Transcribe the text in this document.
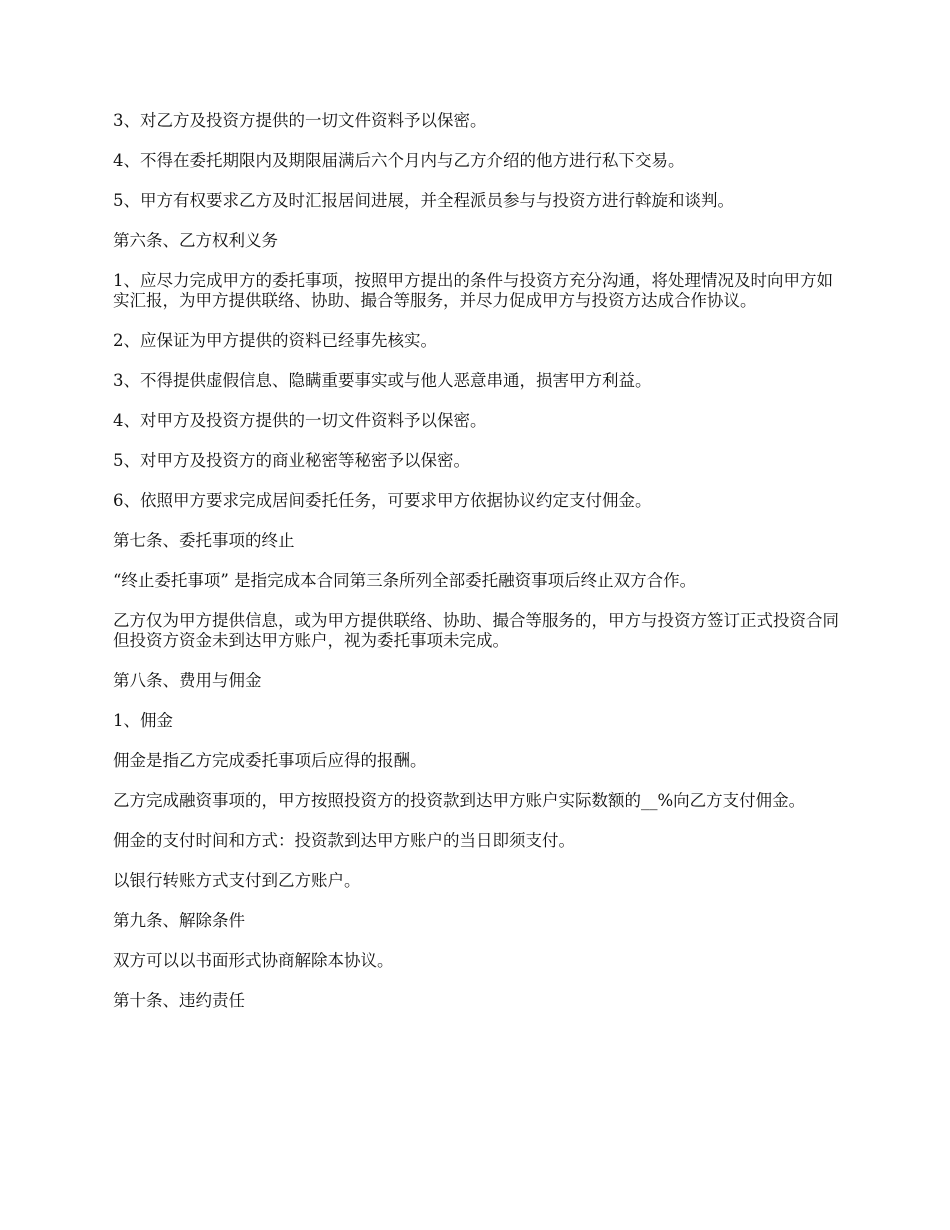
3、对乙方及投资方提供的一切文件资料予以保密。

4、不得在委托期限内及期限届满后六个月内与乙方介绍的他方进行私下交易。

5、甲方有权要求乙方及时汇报居间进展，并全程派员参与与投资方进行斡旋和谈判。

第六条、乙方权利义务

1、应尽力完成甲方的委托事项，按照甲方提出的条件与投资方充分沟通，将处理情况及时向甲方如实汇报，为甲方提供联络、协助、撮合等服务，并尽力促成甲方与投资方达成合作协议。

2、应保证为甲方提供的资料已经事先核实。

3、不得提供虚假信息、隐瞒重要事实或与他人恶意串通，损害甲方利益。

4、对甲方及投资方提供的一切文件资料予以保密。

5、对甲方及投资方的商业秘密等秘密予以保密。

6、依照甲方要求完成居间委托任务，可要求甲方依据协议约定支付佣金。

第七条、委托事项的终止

“终止委托事项” 是指完成本合同第三条所列全部委托融资事项后终止双方合作。

乙方仅为甲方提供信息，或为甲方提供联络、协助、撮合等服务的，甲方与投资方签订正式投资合同但投资方资金未到达甲方账户，视为委托事项未完成。

第八条、费用与佣金

1、佣金

佣金是指乙方完成委托事项后应得的报酬。

乙方完成融资事项的，甲方按照投资方的投资款到达甲方账户实际数额的__%向乙方支付佣金。

佣金的支付时间和方式：投资款到达甲方账户的当日即须支付。

以银行转账方式支付到乙方账户。

第九条、解除条件

双方可以以书面形式协商解除本协议。

第十条、违约责任
